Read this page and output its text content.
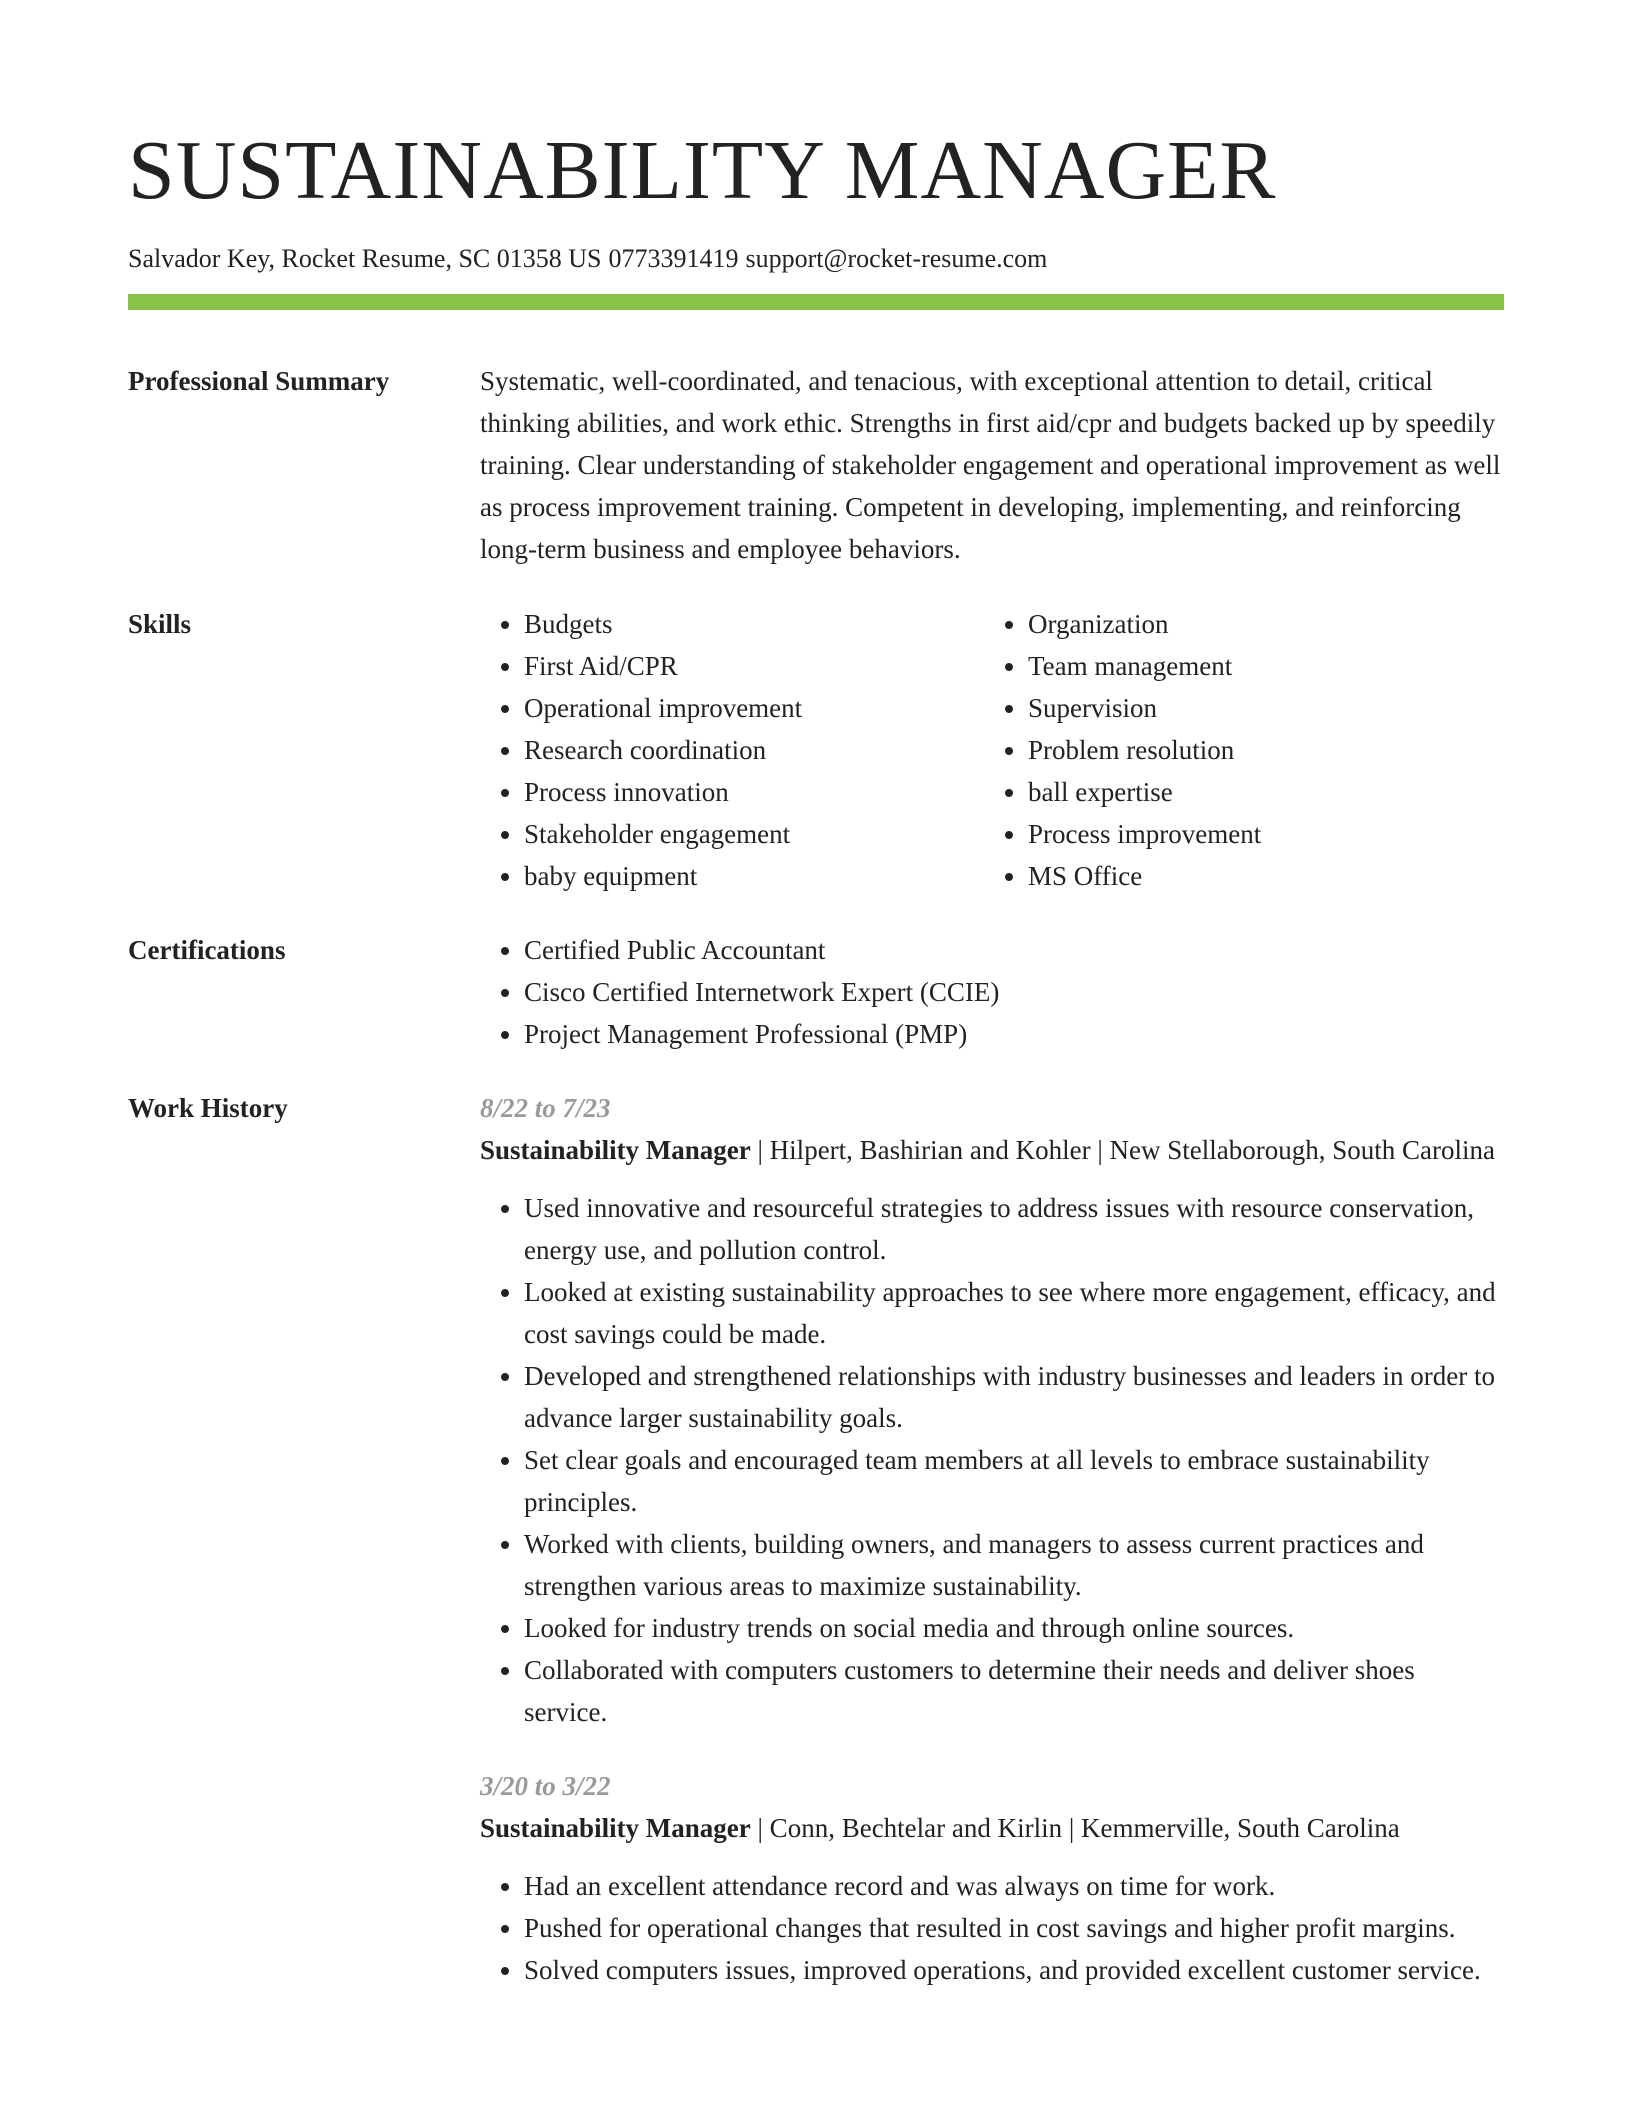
SUSTAINABILITY MANAGER
Salvador Key, Rocket Resume, SC 01358 US 0773391419 support@rocket-resume.com
Professional Summary	Systematic, well-coordinated, and tenacious, with exceptional attention to detail, critical thinking abilities, and work ethic. Strengths in first aid/cpr and budgets backed up by speedily training. Clear understanding of stakeholder engagement and operational improvement as well as process improvement training. Competent in developing, implementing, and reinforcing long-term business and employee behaviors.

Skills	• Budgets
• First Aid/CPR
• Operational improvement
• Research coordination
• Process innovation
• Stakeholder engagement
• baby equipment
• Organization
• Team management
• Supervision
• Problem resolution
• ball expertise
• Process improvement
• MS Office
Certifications	• Certified Public Accountant
• Cisco Certified Internetwork Expert (CCIE)
• Project Management Professional (PMP)
Work History	8/22 to 7/23

Sustainability Manager | Hilpert, Bashirian and Kohler | New Stellaborough, South Carolina

• Used innovative and resourceful strategies to address issues with resource conservation, energy use, and pollution control.
• Looked at existing sustainability approaches to see where more engagement, efficacy, and cost savings could be made.
• Developed and strengthened relationships with industry businesses and leaders in order to advance larger sustainability goals.
• Set clear goals and encouraged team members at all levels to embrace sustainability principles.
• Worked with clients, building owners, and managers to assess current practices and strengthen various areas to maximize sustainability.
• Looked for industry trends on social media and through online sources.
• Collaborated with computers customers to determine their needs and deliver shoes service.
3/20 to 3/22

Sustainability Manager | Conn, Bechtelar and Kirlin | Kemmerville, South Carolina

• Had an excellent attendance record and was always on time for work.
• Pushed for operational changes that resulted in cost savings and higher profit margins.
• Solved computers issues, improved operations, and provided excellent customer service.
